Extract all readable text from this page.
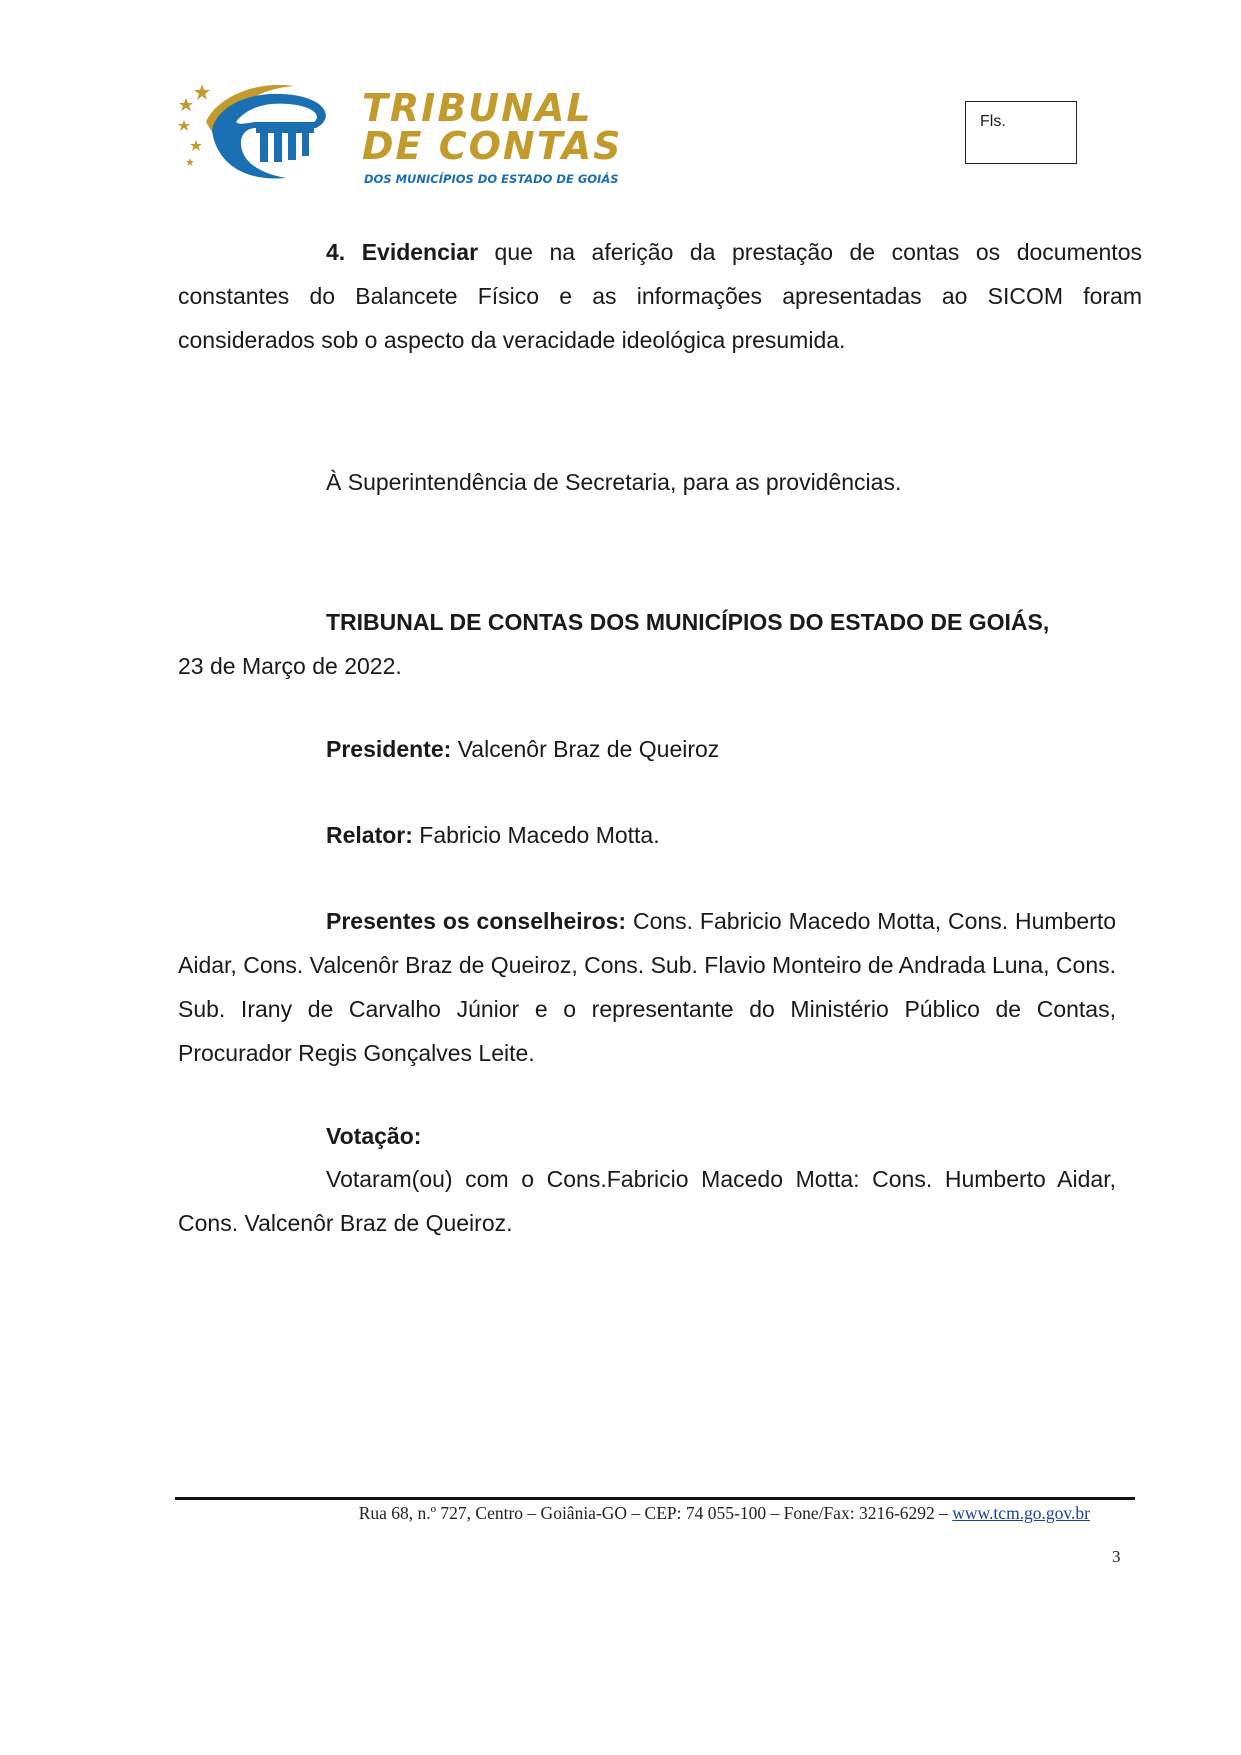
TRIBUNAL
DE CONTAS
DOS MUNICÍPIOS DO ESTADO DE GOIÁS
Fls.

4. Evidenciar que na aferição da prestação de contas os documentos constantes do Balancete Físico e as informações apresentadas ao SICOM foram considerados sob o aspecto da veracidade ideológica presumida.

À Superintendência de Secretaria, para as providências.

TRIBUNAL DE CONTAS DOS MUNICÍPIOS DO ESTADO DE GOIÁS,
23 de Março de 2022.

Presidente: Valcenôr Braz de Queiroz

Relator: Fabricio Macedo Motta.

Presentes os conselheiros: Cons. Fabricio Macedo Motta, Cons. Humberto Aidar, Cons. Valcenôr Braz de Queiroz, Cons. Sub. Flavio Monteiro de Andrada Luna, Cons. Sub. Irany de Carvalho Júnior e o representante do Ministério Público de Contas, Procurador Regis Gonçalves Leite.

Votação:

Votaram(ou) com o Cons.Fabricio Macedo Motta: Cons. Humberto Aidar, Cons. Valcenôr Braz de Queiroz.

Rua 68, n.º 727, Centro – Goiânia-GO – CEP: 74 055-100 – Fone/Fax: 3216-6292 – www.tcm.go.gov.br
3
